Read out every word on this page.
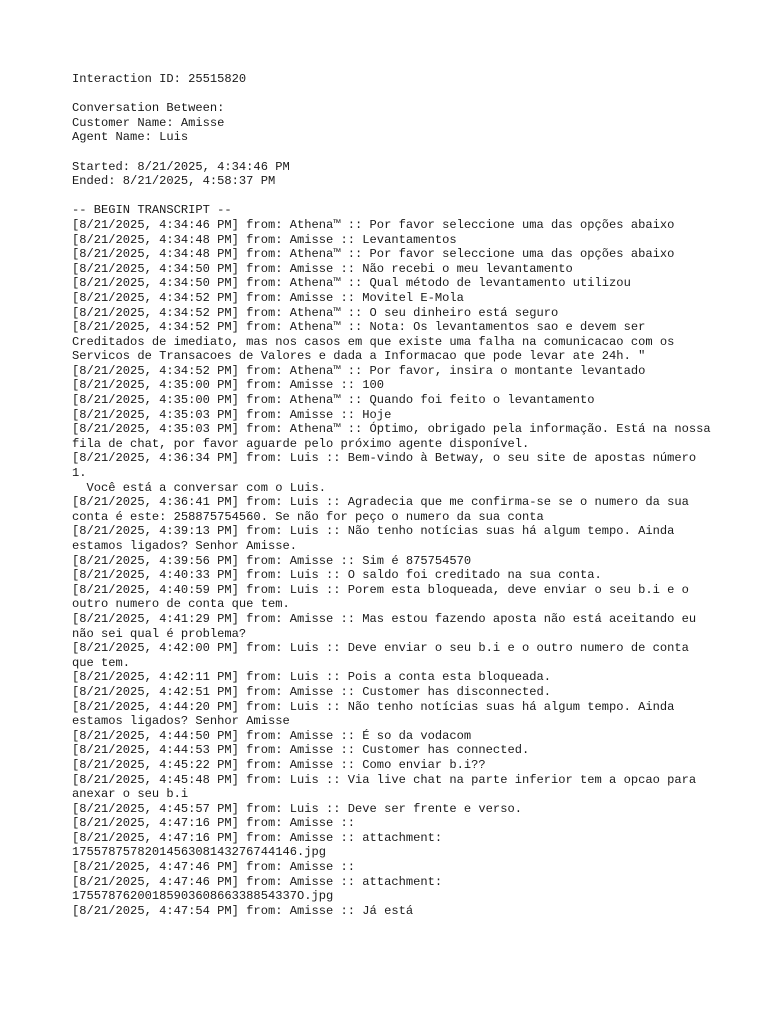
Interaction ID: 25515820
Conversation Between:
Customer Name: Amisse
Agent Name: Luis
Started: 8/21/2025, 4:34:46 PM
Ended: 8/21/2025, 4:58:37 PM
-- BEGIN TRANSCRIPT --
[8/21/2025, 4:34:46 PM] from: Athena™ :: Por favor seleccione uma das opções abaixo
[8/21/2025, 4:34:48 PM] from: Amisse :: Levantamentos
[8/21/2025, 4:34:48 PM] from: Athena™ :: Por favor seleccione uma das opções abaixo
[8/21/2025, 4:34:50 PM] from: Amisse :: Não recebi o meu levantamento
[8/21/2025, 4:34:50 PM] from: Athena™ :: Qual método de levantamento utilizou
[8/21/2025, 4:34:52 PM] from: Amisse :: Movitel E-Mola
[8/21/2025, 4:34:52 PM] from: Athena™ :: O seu dinheiro está seguro
[8/21/2025, 4:34:52 PM] from: Athena™ :: Nota: Os levantamentos sao e devem ser Creditados de imediato, mas nos casos em que existe uma falha na comunicacao com os Servicos de Transacoes de Valores e dada a Informacao que pode levar ate 24h. "
[8/21/2025, 4:34:52 PM] from: Athena™ :: Por favor, insira o montante levantado
[8/21/2025, 4:35:00 PM] from: Amisse :: 100
[8/21/2025, 4:35:00 PM] from: Athena™ :: Quando foi feito o levantamento
[8/21/2025, 4:35:03 PM] from: Amisse :: Hoje
[8/21/2025, 4:35:03 PM] from: Athena™ :: Óptimo, obrigado pela informação. Está na nossa fila de chat, por favor aguarde pelo próximo agente disponível.
[8/21/2025, 4:36:34 PM] from: Luis :: Bem-vindo à Betway, o seu site de apostas número 1.
Você está a conversar com o Luis.
[8/21/2025, 4:36:41 PM] from: Luis :: Agradecia que me confirma-se se o numero da sua conta é este: 258875754560. Se não for peço o numero da sua conta
[8/21/2025, 4:39:13 PM] from: Luis :: Não tenho notícias suas há algum tempo. Ainda estamos ligados? Senhor Amisse.
[8/21/2025, 4:39:56 PM] from: Amisse :: Sim é 875754570
[8/21/2025, 4:40:33 PM] from: Luis :: O saldo foi creditado na sua conta.
[8/21/2025, 4:40:59 PM] from: Luis :: Porem esta bloqueada, deve enviar o seu b.i e o outro numero de conta que tem.
[8/21/2025, 4:41:29 PM] from: Amisse :: Mas estou fazendo aposta não está aceitando eu não sei qual é problema?
[8/21/2025, 4:42:00 PM] from: Luis :: Deve enviar o seu b.i e o outro numero de conta que tem.
[8/21/2025, 4:42:11 PM] from: Luis :: Pois a conta esta bloqueada.
[8/21/2025, 4:42:51 PM] from: Amisse :: Customer has disconnected.
[8/21/2025, 4:44:20 PM] from: Luis :: Não tenho notícias suas há algum tempo. Ainda estamos ligados? Senhor Amisse
[8/21/2025, 4:44:50 PM] from: Amisse :: É so da vodacom
[8/21/2025, 4:44:53 PM] from: Amisse :: Customer has connected.
[8/21/2025, 4:45:22 PM] from: Amisse :: Como enviar b.i??
[8/21/2025, 4:45:48 PM] from: Luis :: Via live chat na parte inferior tem a opcao para anexar o seu b.i
[8/21/2025, 4:45:57 PM] from: Luis :: Deve ser frente e verso.
[8/21/2025, 4:47:16 PM] from: Amisse ::
[8/21/2025, 4:47:16 PM] from: Amisse :: attachment:
1755787578201456308143276744146.jpg
[8/21/2025, 4:47:46 PM] from: Amisse ::
[8/21/2025, 4:47:46 PM] from: Amisse :: attachment:
1755787620018590360866338854337O.jpg
[8/21/2025, 4:47:54 PM] from: Amisse :: Já está
